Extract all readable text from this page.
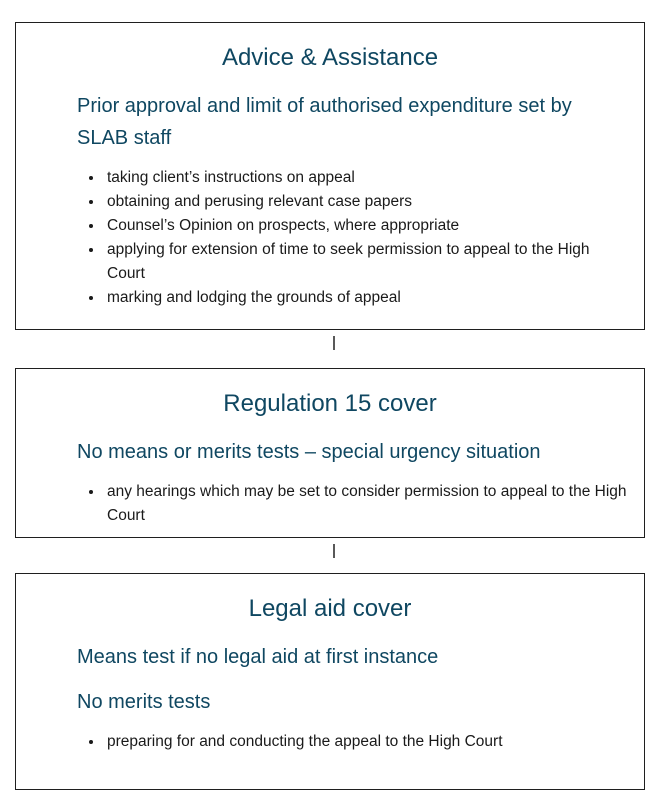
Advice & Assistance
Prior approval and limit of authorised expenditure set by SLAB staff
• taking client’s instructions on appeal
• obtaining and perusing relevant case papers
• Counsel’s Opinion on prospects, where appropriate
• applying for extension of time to seek permission to appeal to the High Court
• marking and lodging the grounds of appeal
Regulation 15 cover
No means or merits tests – special urgency situation
• any hearings which may be set to consider permission to appeal to the High Court
Legal aid cover
Means test if no legal aid at first instance
No merits tests
• preparing for and conducting the appeal to the High Court
